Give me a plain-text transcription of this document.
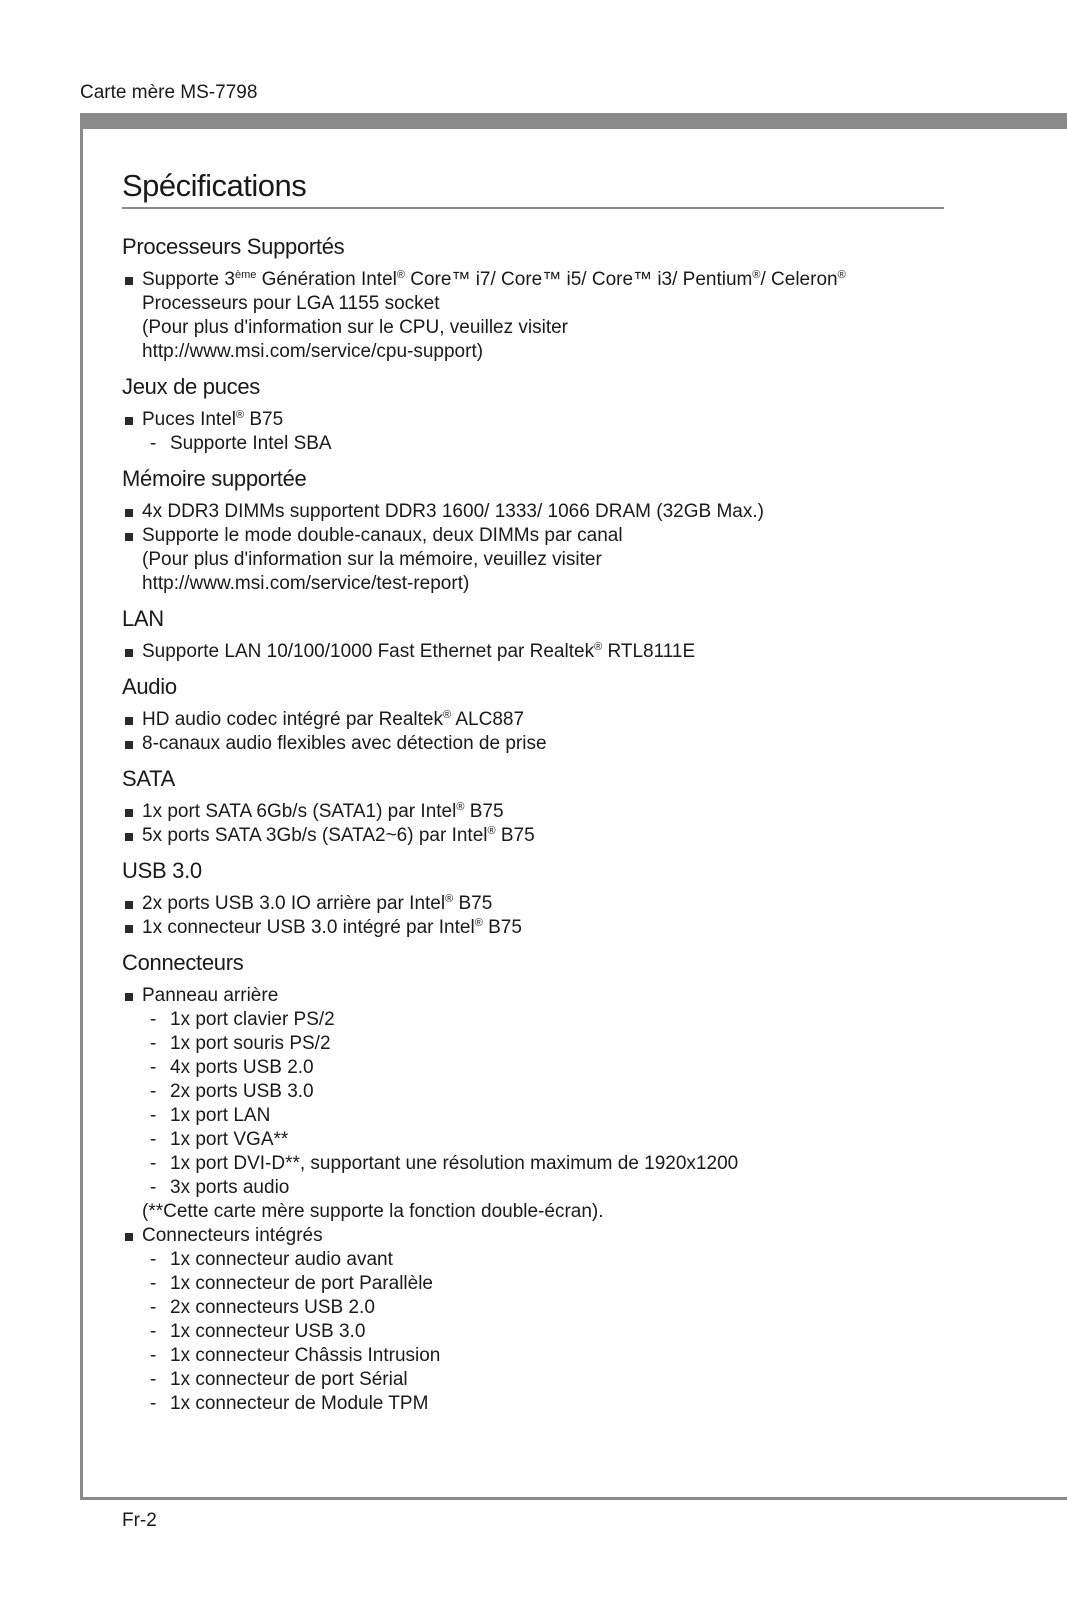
Carte mère MS-7798
Spécifications
Processeurs Supportés
Supporte 3ème Génération Intel® Core™ i7/ Core™ i5/ Core™ i3/ Pentium®/ Celeron®
Processeurs pour LGA 1155 socket
(Pour plus d'information sur le CPU, veuillez visiter
http://www.msi.com/service/cpu-support)
Jeux de puces
Puces Intel® B75
- Supporte Intel SBA
Mémoire supportée
4x DDR3 DIMMs supportent DDR3 1600/ 1333/ 1066 DRAM (32GB Max.)
Supporte le mode double-canaux, deux DIMMs par canal
(Pour plus d'information sur la mémoire, veuillez visiter
http://www.msi.com/service/test-report)
LAN
Supporte LAN 10/100/1000 Fast Ethernet par Realtek® RTL8111E
Audio
HD audio codec intégré par Realtek® ALC887
8-canaux audio flexibles avec détection de prise
SATA
1x port SATA 6Gb/s (SATA1) par Intel® B75
5x ports SATA 3Gb/s (SATA2~6) par Intel® B75
USB 3.0
2x ports USB 3.0 IO arrière par Intel® B75
1x connecteur USB 3.0 intégré par Intel® B75
Connecteurs
Panneau arrière
- 1x port clavier PS/2
- 1x port souris PS/2
- 4x ports USB 2.0
- 2x ports USB 3.0
- 1x port LAN
- 1x port VGA**
- 1x port DVI-D**, supportant une résolution maximum de 1920x1200
- 3x ports audio
(**Cette carte mère supporte la fonction double-écran).
Connecteurs intégrés
- 1x connecteur audio avant
- 1x connecteur de port Parallèle
- 2x connecteurs USB 2.0
- 1x connecteur USB 3.0
- 1x connecteur Châssis Intrusion
- 1x connecteur de port Sérial
- 1x connecteur de Module TPM
Fr-2
